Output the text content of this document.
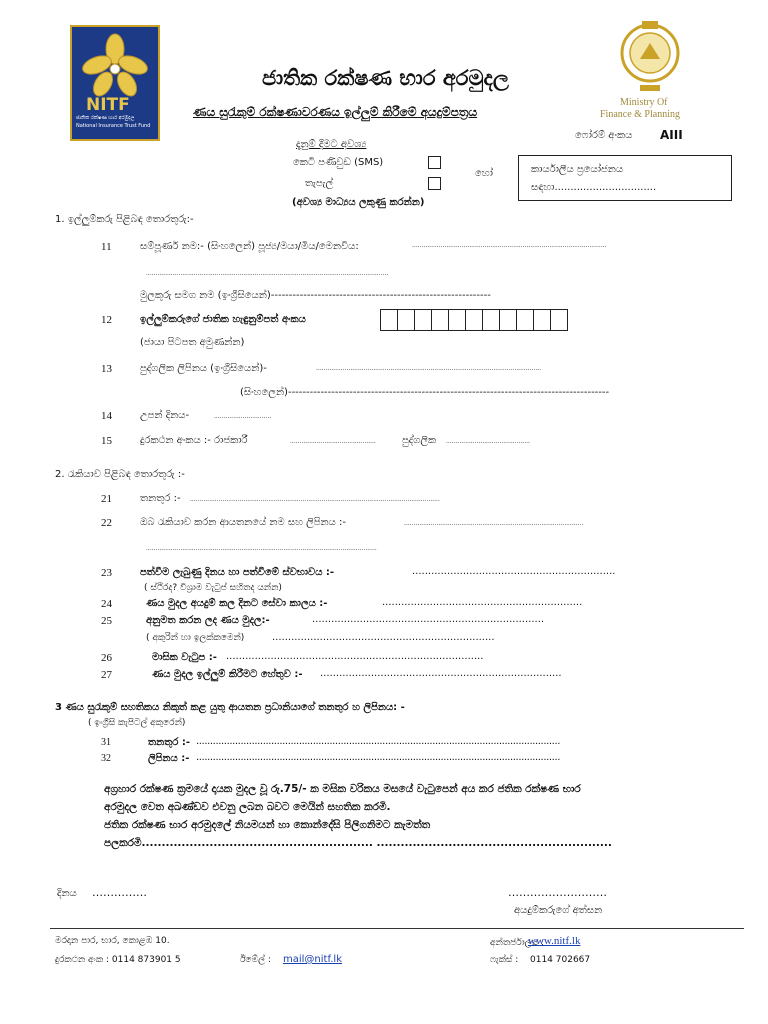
NITF
ජාතික රක්ෂණ භාර අරමුදල
National Insurance Trust Fund
Ministry Of
Finance & Planning
ජාතික රක්ෂණ භාර අරමුදල
ණය සුරැකුම් රක්ෂණාවරණය ඉල්ලුම් කිරීමේ අයදුම්පත්‍රය
ෆෝරම් අංකය AIII
දැනුම් දීමට අවශ්‍ය
කෙටි පණිවුඩ (SMS)
තැපැල්
හෝ
(අවශ්‍ය මාධ්‍යය ලකුණු කරන්න)
කාර්යාලීය ප්‍රයෝජනය
සඳහා................................
1. ඉල්ලුම්කරු පිළිබඳ තොරතුරු:-
11	සම්පූර්ණ නම:- (සිංහලෙන්) පූජ්‍ය/මයා/මිය/මෙනවිය:	......................................................................................................
...............................................................................................................................
මුලකුරු සමග නම (ඉංග්‍රීසියෙන්)-------------------------------------------------------------
12	ඉල්ලුම්කරුගේ ජාතික හැඳුනුම්පත් අංකය
(ජායා පිටපත අමුණන්න)
13	පුද්ගලික ලිපිනය (ඉංග්‍රීසියෙන්)-	......................................................................................................................
(සිංහලෙන්)-----------------------------------------------------------------------------------------
14	උපන් දිනය-	..............................
15	දුරකථන අංකය :- රාජකාරී	.............................................	පුද්ගලික ............................................
2. රැකියාව පිළිබඳ තොරතුරු :-
21	තනතුර :- ...................................................................................................................................
22	ඔබ රැකියාව කරන ආයතනයේ නම සහ ලිපිනය :-	..............................................................................................
.........................................................................................................................
23	පත්වීම ලැබුණු දිනය හා පත්වීමේ ස්වභාවය :-	................................................................
( ස්ථිරද? විශ්‍රාම වැටුප් සහිතද යන්න)
24	ණය මුදල අයදුම් කල දිනට සේවා කාලය :-	...............................................................
25	අනුමත කරන ලද ණය මුදල:-	.........................................................................
( අකුරින් හා ඉලක්කමෙන්)	......................................................................
26	මාසික වැටුප :- .................................................................................
27	ණය මුදල ඉල්ලුම් කිරීමට හේතුව :- ............................................................................
3 ණය සුරැකුම් සහතිකය නිකුත් කළ යුතු ආයතන ප්‍රධානියාගේ තනතුර හ ලිපිනය: -
( ඉංග්‍රීසි කැපිටල් අකුරෙන්)
31	තනතුර :- ...................................................................................................................................
32	ලිපිනය :- ...................................................................................................................................
අග්‍රහාර රක්ෂණ ක්‍රමයේ දායක මුදල වූ රු.75/- ක මසික වරිකය මසයේ වැටුපෙන් අය කර ජතික රක්ෂණ භාර
අරමුදල වෙත අඛණ්ඩව එවනු ලබන බවට මෙයින් සහතික කරමි.
ජතික රක්ෂණ භාර අරමුදලේ නියමයන් හා කොන්දේසි පිලිගනිමට කැමත්ත
පලකරමි.......................................................... ...........................................................
දිනය ……………	………………………
අයදුම්කරුගේ අත්සන
මරදාන පාර, භාර, කොළඹ 10.
දුරකථන අංක : 0114 873901 5	ඊමේල් : mail@nitf.lk
අන්තර්ජාලය :
www.nitf.lk
ෆැක්ස් : 0114 702667
